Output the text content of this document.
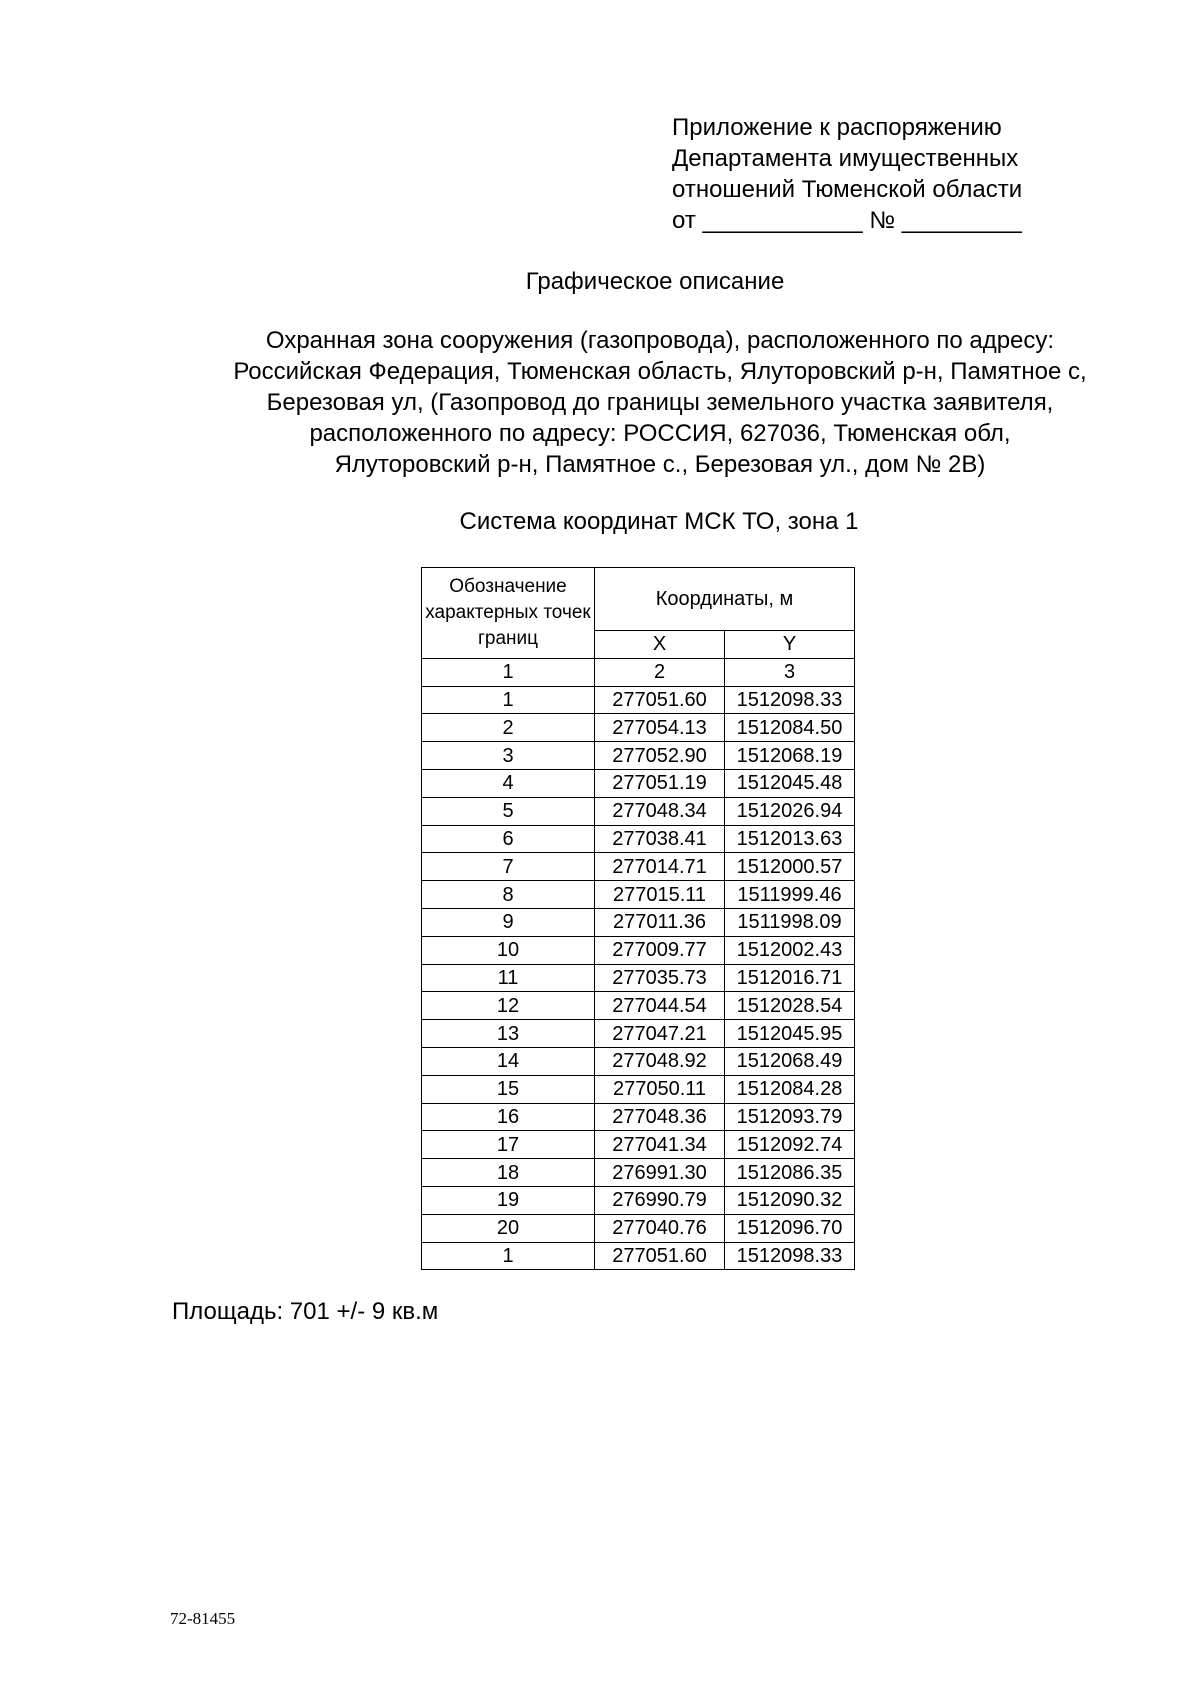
Приложение к распоряжению
Департамента имущественных
отношений Тюменской области
от ____________ № _________
Графическое описание
Охранная зона сооружения (газопровода), расположенного по адресу:
Российская Федерация, Тюменская область, Ялуторовский р-н, Памятное с,
Березовая ул, (Газопровод до границы земельного участка заявителя,
расположенного по адресу: РОССИЯ, 627036, Тюменская обл,
Ялуторовский р-н, Памятное с., Березовая ул., дом № 2В)
Система координат МСК ТО, зона 1
Обозначение характерных точек границ	Координаты, м	
	X	Y
1	2	3
1	277051.60	1512098.33
2	277054.13	1512084.50
3	277052.90	1512068.19
4	277051.19	1512045.48
5	277048.34	1512026.94
6	277038.41	1512013.63
7	277014.71	1512000.57
8	277015.11	1511999.46
9	277011.36	1511998.09
10	277009.77	1512002.43
11	277035.73	1512016.71
12	277044.54	1512028.54
13	277047.21	1512045.95
14	277048.92	1512068.49
15	277050.11	1512084.28
16	277048.36	1512093.79
17	277041.34	1512092.74
18	276991.30	1512086.35
19	276990.79	1512090.32
20	277040.76	1512096.70
1	277051.60	1512098.33
Площадь: 701 +/- 9 кв.м
72-81455
